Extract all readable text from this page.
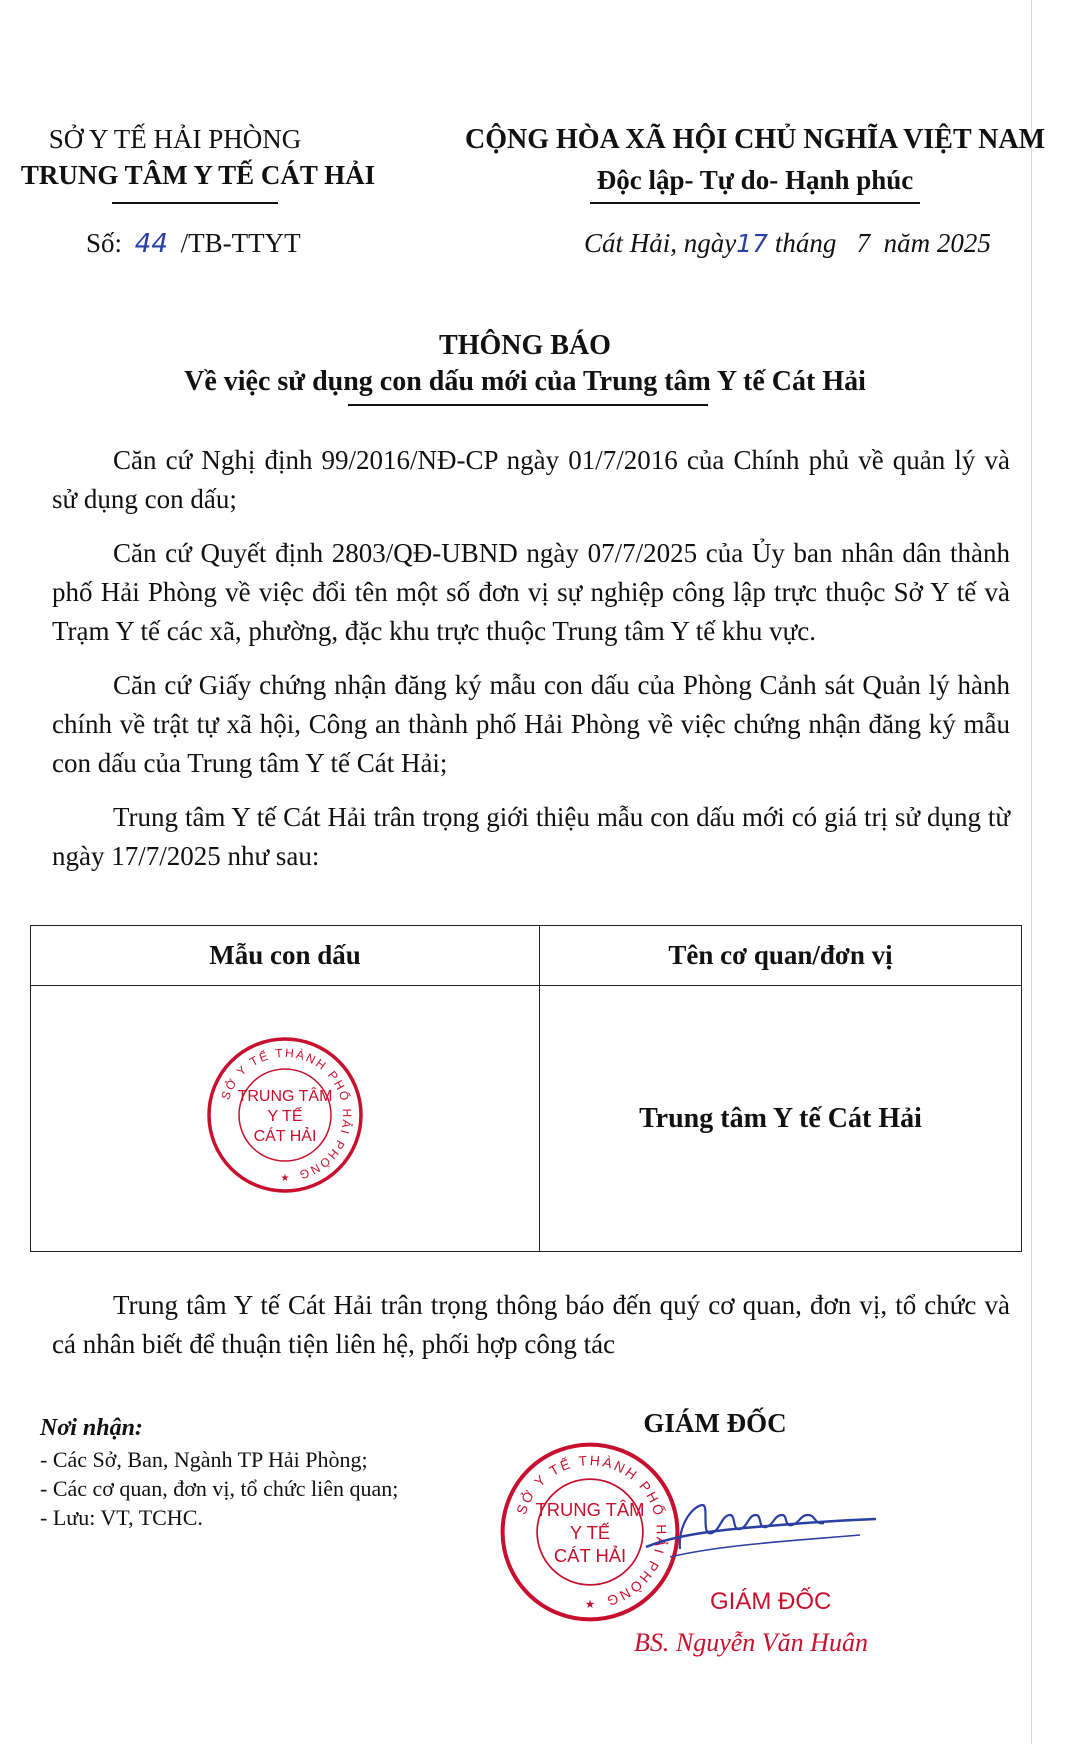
SỞ Y TẾ HẢI PHÒNG
TRUNG TÂM Y TẾ CÁT HẢI
CỘNG HÒA XÃ HỘI CHỦ NGHĨA VIỆT NAM
Độc lập- Tự do- Hạnh phúc
Số: 44 /TB-TTYT	Cát Hải, ngày17 tháng   7  năm 2025
THÔNG BÁO
Về việc sử dụng con dấu mới của Trung tâm Y tế Cát Hải

Căn cứ Nghị định 99/2016/NĐ-CP ngày 01/7/2016 của Chính phủ về quản lý và sử dụng con dấu;

Căn cứ Quyết định 2803/QĐ-UBND ngày 07/7/2025 của Ủy ban nhân dân thành phố Hải Phòng về việc đổi tên một số đơn vị sự nghiệp công lập trực thuộc Sở Y tế và Trạm Y tế các xã, phường, đặc khu trực thuộc Trung tâm Y tế khu vực.

Căn cứ Giấy chứng nhận đăng ký mẫu con dấu của Phòng Cảnh sát Quản lý hành chính về trật tự xã hội, Công an thành phố Hải Phòng về việc chứng nhận đăng ký mẫu con dấu của Trung tâm Y tế Cát Hải;

Trung tâm Y tế Cát Hải trân trọng giới thiệu mẫu con dấu mới có giá trị sử dụng từ ngày 17/7/2025 như sau:

Mẫu con dấu	Tên cơ quan/đơn vị

SỞ Y TẾ THÀNH PHỐ HẢI PHÒNG
TRUNG TÂM
Y TẾ
CÁT HẢI
★	Trung tâm Y tế Cát Hải

Trung tâm Y tế Cát Hải trân trọng thông báo đến quý cơ quan, đơn vị, tổ chức và cá nhân biết để thuận tiện liên hệ, phối hợp công tác

Nơi nhận:
- Các Sở, Ban, Ngành TP Hải Phòng;
- Các cơ quan, đơn vị, tổ chức liên quan;
- Lưu: VT, TCHC.
GIÁM ĐỐC
SỞ Y TẾ THÀNH PHỐ HẢI PHÒNG
TRUNG TÂM
Y TẾ
CÁT HẢI
★	GIÁM ĐỐC
BS. Nguyễn Văn Huân
